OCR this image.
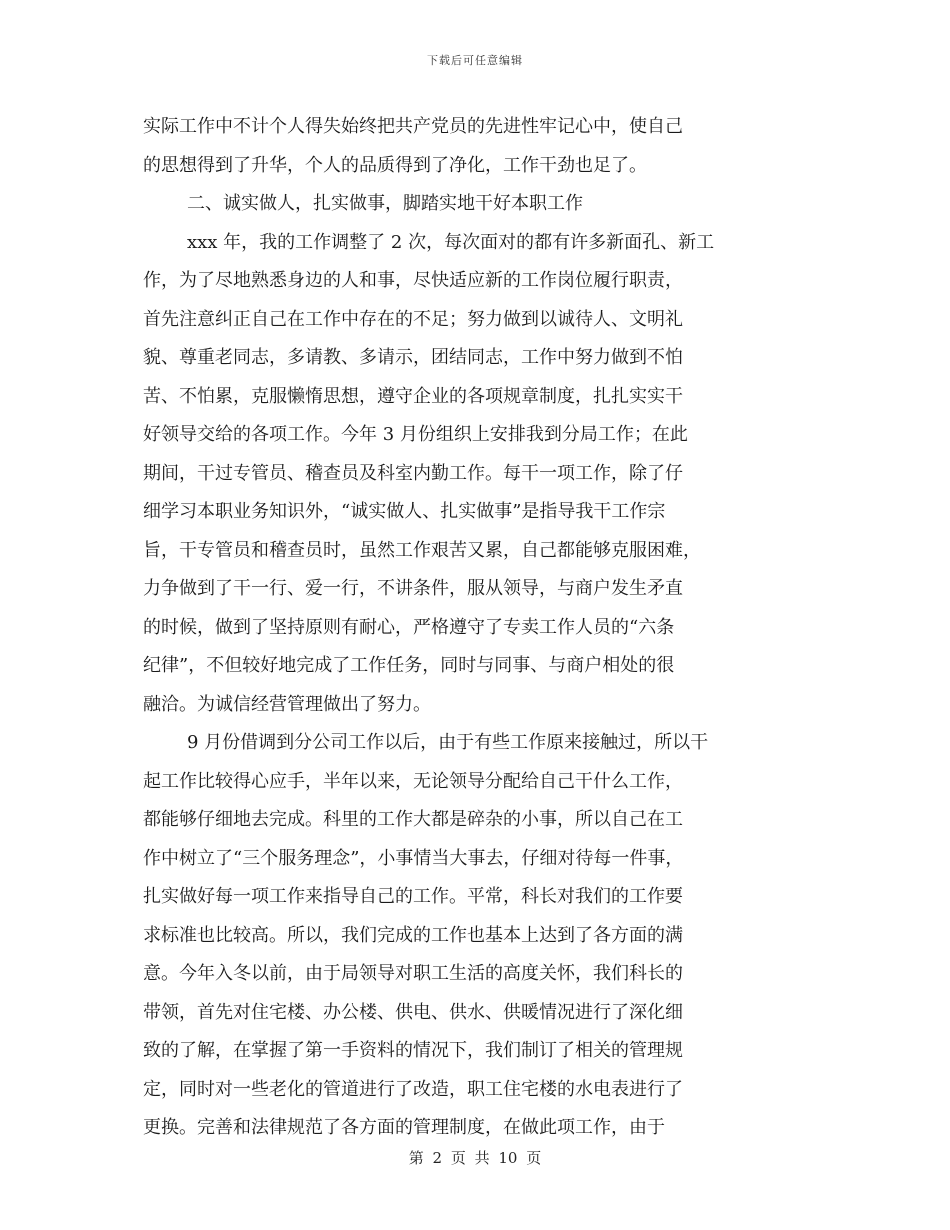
下载后可任意编辑
实际工作中不计个人得失始终把共产党员的先进性牢记心中，使自己
的思想得到了升华，个人的品质得到了净化，工作干劲也足了。
二、诚实做人，扎实做事，脚踏实地干好本职工作
xxx 年，我的工作调整了 2 次，每次面对的都有许多新面孔、新工
作，为了尽地熟悉身边的人和事，尽快适应新的工作岗位履行职责，
首先注意纠正自己在工作中存在的不足；努力做到以诚待人、文明礼
貌、尊重老同志，多请教、多请示，团结同志，工作中努力做到不怕
苦、不怕累，克服懒惰思想，遵守企业的各项规章制度，扎扎实实干
好领导交给的各项工作。今年 3 月份组织上安排我到分局工作；在此
期间，干过专管员、稽查员及科室内勤工作。每干一项工作，除了仔
细学习本职业务知识外，“诚实做人、扎实做事”是指导我干工作宗
旨，干专管员和稽查员时，虽然工作艰苦又累，自己都能够克服困难，
力争做到了干一行、爱一行，不讲条件，服从领导，与商户发生矛直
的时候，做到了坚持原则有耐心，严格遵守了专卖工作人员的“六条
纪律”，不但较好地完成了工作任务，同时与同事、与商户相处的很
融洽。为诚信经营管理做出了努力。
9 月份借调到分公司工作以后，由于有些工作原来接触过，所以干
起工作比较得心应手，半年以来，无论领导分配给自己干什么工作，
都能够仔细地去完成。科里的工作大都是碎杂的小事，所以自己在工
作中树立了“三个服务理念”，小事情当大事去，仔细对待每一件事，
扎实做好每一项工作来指导自己的工作。平常，科长对我们的工作要
求标准也比较高。所以，我们完成的工作也基本上达到了各方面的满
意。今年入冬以前，由于局领导对职工生活的高度关怀，我们科长的
带领，首先对住宅楼、办公楼、供电、供水、供暖情况进行了深化细
致的了解，在掌握了第一手资料的情况下，我们制订了相关的管理规
定，同时对一些老化的管道进行了改造，职工住宅楼的水电表进行了
更换。完善和法律规范了各方面的管理制度，在做此项工作，由于
第 2 页 共 10 页
